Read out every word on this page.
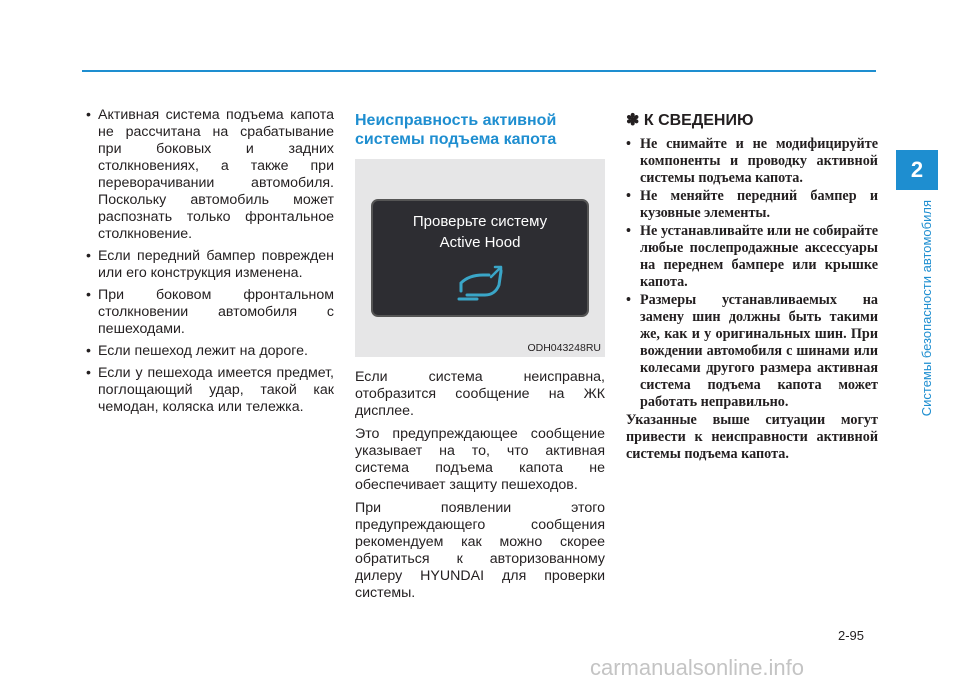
2
Системы безопасности автомобиля
• Активная система подъема капота не рассчитана на срабатывание при боковых и задних столкновениях, а также при переворачивании автомобиля. Поскольку автомобиль может распознать только фронтальное столкновение.
• Если передний бампер поврежден или его конструкция изменена.
• При боковом фронтальном столкновении автомобиля с пешеходами.
• Если пешеход лежит на дороге.
• Если у пешехода имеется предмет, поглощающий удар, такой как чемодан, коляска или тележка.
Неисправность активной системы подъема капота
Проверьте систему
Active Hood
ODH043248RU

Если система неисправна, отобразится сообщение на ЖК дисплее.

Это предупреждающее сообщение указывает на то, что активная система подъема капота не обеспечивает защиту пешеходов.

При появлении этого предупреждающего сообщения рекомендуем как можно скорее обратиться к авторизованному дилеру HYUNDAI для проверки системы.

✽ К СВЕДЕНИЮ
• Не снимайте и не модифицируйте компоненты и проводку активной системы подъема капота.
• Не меняйте передний бампер и кузовные элементы.
• Не устанавливайте или не собирайте любые послепродажные аксессуары на переднем бампере или крышке капота.
• Размеры устанавливаемых на замену шин должны быть такими же, как и у оригинальных шин. При вождении автомобиля с шинами или колесами другого размера активная система подъема капота может работать неправильно.

Указанные выше ситуации могут привести к неисправности активной системы подъема капота.

2-95
carmanualsonline.info
